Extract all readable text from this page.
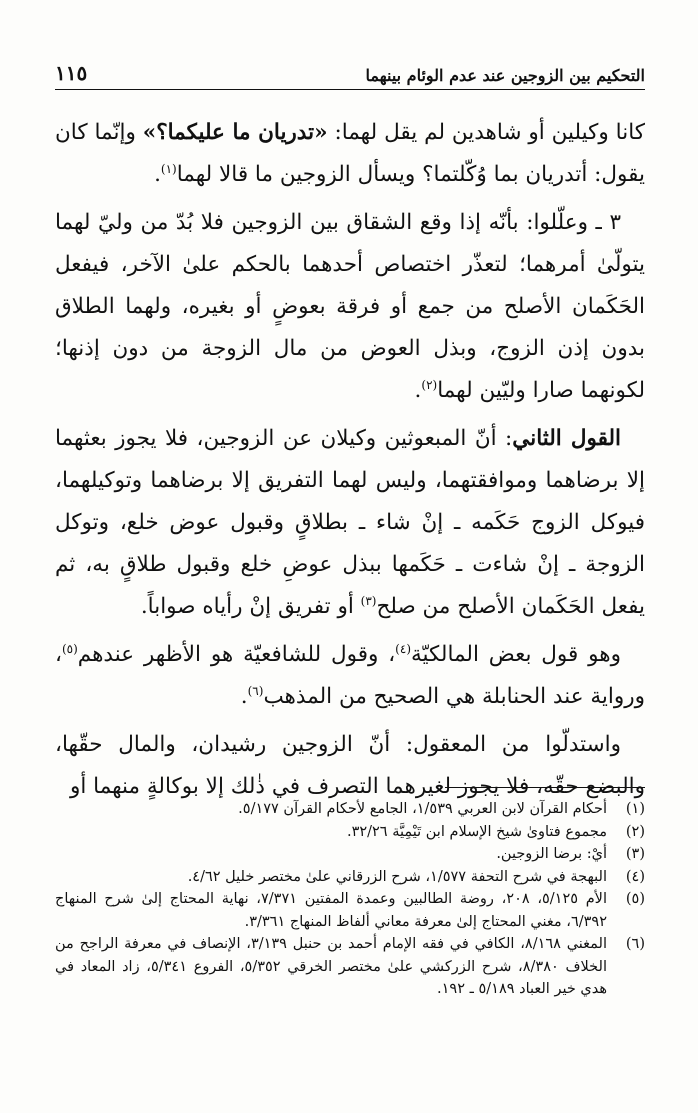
التحكيم بين الزوجين عند عدم الوئام بينهما
١١٥

كانا وكيلين أو شاهدين لم يقل لهما: «تدريان ما عليكما؟» وإنّما كان يقول: أتدريان بما وُكّلتما؟ ويسأل الزوجين ما قالا لهما$^{(١)}$.

٣ ـ وعلّلوا: بأنّه إذا وقع الشقاق بين الزوجين فلا بُدّ من وليّ لهما يتولّىٰ أمرهما؛ لتعذّر اختصاص أحدهما بالحكم علىٰ الآخر، فيفعل الحَكَمان الأصلح من جمع أو فرقة بعوضٍ أو بغيره، ولهما الطلاق بدون إذن الزوج، وبذل العوض من مال الزوجة من دون إذنها؛ لكونهما صارا وليّين لهما$^{(٢)}$.

القول الثاني: أنّ المبعوثين وكيلان عن الزوجين، فلا يجوز بعثهما إلا برضاهما وموافقتهما، وليس لهما التفريق إلا برضاهما وتوكيلهما، فيوكل الزوج حَكَمه ـ إنْ شاء ـ بطلاقٍ وقبول عوض خلع، وتوكل الزوجة ـ إنْ شاءت ـ حَكَمها ببذل عوضِ خلع وقبول طلاقٍ به، ثم يفعل الحَكَمان الأصلح من صلح$^{(٣)}$ أو تفريق إنْ رأياه صواباً.

وهو قول بعض المالكيّة$^{(٤)}$، وقول للشافعيّة هو الأظهر عندهم$^{(٥)}$، ورواية عند الحنابلة هي الصحيح من المذهب$^{(٦)}$.

واستدلّوا من المعقول: أنّ الزوجين رشيدان، والمال حقّها، والبضع حقّه، فلا يجوز لغيرهما التصرف في ذٰلك إلا بوكالةٍ منهما أو

(١)
أحكام القرآن لابن العربي ١/٥٣٩، الجامع لأحكام القرآن ٥/١٧٧.
(٢)
مجموع فتاوىٰ شيخ الإسلام ابن تَيْمِيَّة ٣٢/٢٦.
(٣)
أيْ: برضا الزوجين.
(٤)
البهجة في شرح التحفة ١/٥٧٧، شرح الزرقاني علىٰ مختصر خليل ٤/٦٢.
(٥)
الأم ٥/١٢٥، ٢٠٨، روضة الطالبين وعمدة المفتين ٧/٣٧١، نهاية المحتاج إلىٰ شرح المنهاج ٦/٣٩٢، مغني المحتاج إلىٰ معرفة معاني ألفاظ المنهاج ٣/٣٦١.
(٦)
المغني ٨/١٦٨، الكافي في فقه الإمام أحمد بن حنبل ٣/١٣٩، الإنصاف في معرفة الراجح من الخلاف ٨/٣٨٠، شرح الزركشي علىٰ مختصر الخرقي ٥/٣٥٢، الفروع ٥/٣٤١، زاد المعاد في هدي خير العباد ٥/١٨٩ ـ ١٩٢.
